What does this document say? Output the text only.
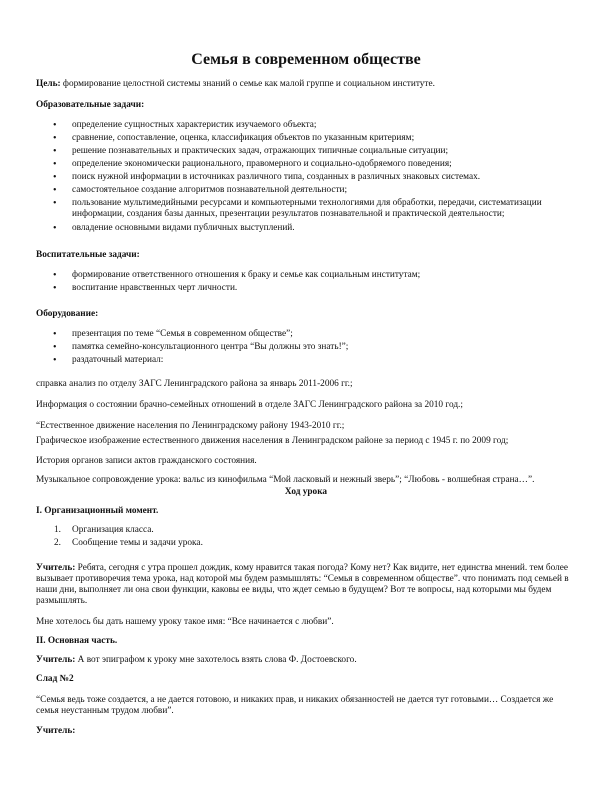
Семья в современном обществе
Цель: формирование целостной системы знаний о семье как малой группе и социальном институте.
Образовательные задачи:
• определение сущностных характеристик изучаемого объекта;
• сравнение, сопоставление, оценка, классификация объектов по указанным критериям;
• решение познавательных и практических задач, отражающих типичные социальные ситуации;
• определение экономически рационального, правомерного и социально-одобряемого поведения;
• поиск нужной информации в источниках различного типа, созданных в различных знаковых системах.
• самостоятельное создание алгоритмов познавательной деятельности;
• пользование мультимедийными ресурсами и компьютерными технологиями для обработки, передачи, систематизации информации, создания базы данных, презентации результатов познавательной и практической деятельности;
• овладение основными видами публичных выступлений.
Воспитательные задачи:
• формирование ответственного отношения к браку и семье как социальным институтам;
• воспитание нравственных черт личности.
Оборудование:
• презентация по теме “Семья в современном обществе”;
• памятка семейно-консультационного центра “Вы должны это знать!”;
• раздаточный материал:
справка анализ по отделу ЗАГС Ленинградского района за январь 2011-2006 гг.;
Информация о состоянии брачно-семейных отношений в отделе ЗАГС Ленинградского района за 2010 год.;
“Естественное движение населения по Ленинградскому району 1943-2010 гг.;
Графическое изображение естественного движения населения в Ленинградском районе за период с 1945 г. по 2009 год;
История органов записи актов гражданского состояния.
Музыкальное сопровождение урока: вальс из кинофильма “Мой ласковый и нежный зверь”; “Любовь - волшебная страна…”.
Ход урока
I. Организационный момент.
1. Организация класса.
2. Сообщение темы и задачи урока.
Учитель: Ребята, сегодня с утра прошел дождик, кому нравится такая погода? Кому нет? Как видите, нет единства мнений. тем более вызывает противоречия тема урока, над которой мы будем размышлять: “Семья в современном обществе”. что понимать под семьей в наши дни, выполняет ли она свои функции, каковы ее виды, что ждет семью в будущем? Вот те вопросы, над которыми мы будем размышлять.
Мне хотелось бы дать нашему уроку такое имя: “Все начинается с любви”.
II. Основная часть.
Учитель: А вот эпиграфом к уроку мне захотелось взять слова Ф. Достоевского.
Слад №2
“Семья ведь тоже создается, а не дается готовою, и никаких прав, и никаких обязанностей не дается тут готовыми… Создается же семья неустанным трудом любви”.
Учитель:
